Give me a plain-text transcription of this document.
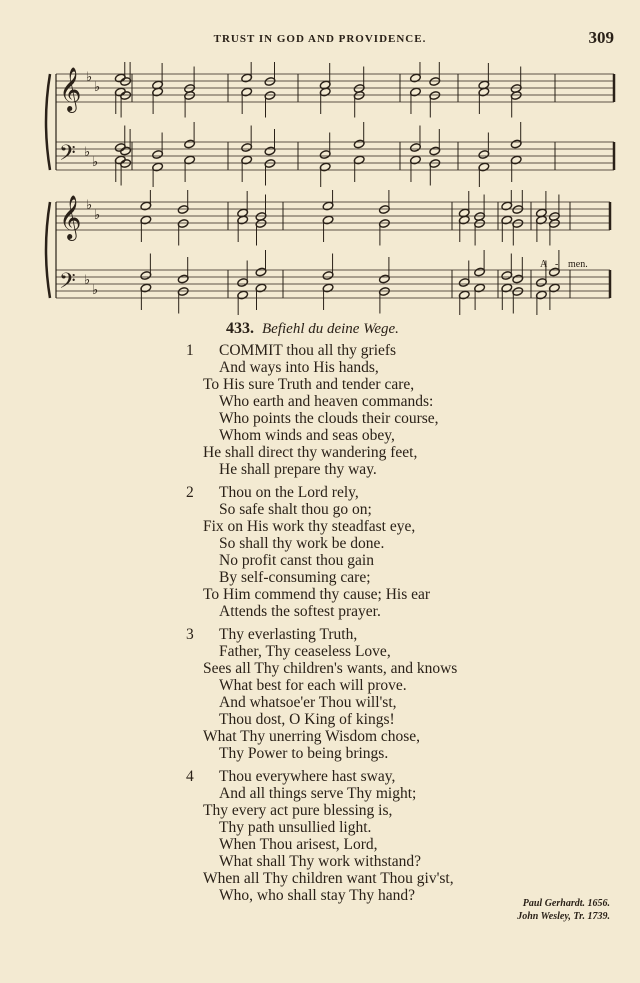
TRUST IN GOD AND PROVIDENCE.	309
𝄞
𝄢
♭
♭
♭
♭
A - men.
𝄞
𝄢
♭
♭
♭
♭
433. Befiehl du deine Wege.
1 COMMIT thou all thy griefs
And ways into His hands,
To His sure Truth and tender care,
Who earth and heaven commands:
Who points the clouds their course,
Whom winds and seas obey,
He shall direct thy wandering feet,
He shall prepare thy way.
2 Thou on the Lord rely,
So safe shalt thou go on;
Fix on His work thy steadfast eye,
So shall thy work be done.
No profit canst thou gain
By self-consuming care;
To Him commend thy cause; His ear
Attends the softest prayer.
3 Thy everlasting Truth,
Father, Thy ceaseless Love,
Sees all Thy children's wants, and knows
What best for each will prove.
And whatsoe'er Thou will'st,
Thou dost, O King of kings!
What Thy unerring Wisdom chose,
Thy Power to being brings.
4 Thou everywhere hast sway,
And all things serve Thy might;
Thy every act pure blessing is,
Thy path unsullied light.
When Thou arisest, Lord,
What shall Thy work withstand?
When all Thy children want Thou giv'st,
Who, who shall stay Thy hand?	Paul Gerhardt. 1656.
John Wesley, Tr. 1739.
